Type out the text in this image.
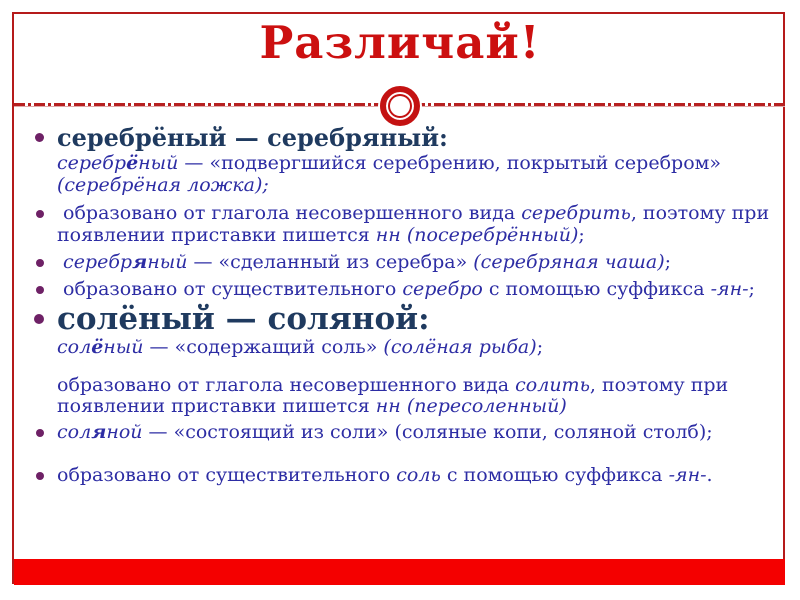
Различай!
серебрёный — серебряный:
серебрёный — «подвергшийся серебрению, покрытый серебром»
(серебрёная ложка);
образовано от глагола несовершенного вида серебрить, поэтому при
появлении приставки пишется нн (посеребрённый);
серебряный — «сделанный из серебра» (серебряная чаша);
образовано от существительного серебро с помощью суффикса -ян-;
солёный — соляной:
солёный — «содержащий соль» (солёная рыба);
образовано от глагола несовершенного вида солить, поэтому при
появлении приставки пишется нн (пересоленный)
соляной — «состоящий из соли» (соляные копи, соляной столб);
образовано от существительного соль с помощью суффикса -ян-.
